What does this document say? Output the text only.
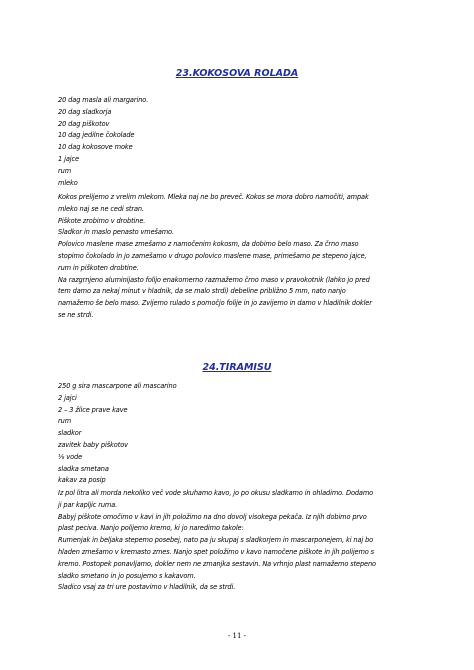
23.KOKOSOVA ROLADA
20 dag masla ali margarino.
20 dag sladkorja
20 dag piškotov
10 dag jedilne čokolade
10 dag kokosove moke
1 jajce
rum
mleko

Kokos prelijemo z vrelim mlekom. Mleka naj ne bo preveč. Kokos se mora dobro namočiti, ampak

mleko naj se ne cedi stran.

Piškote zrobimo v drobtine.

Sladkor in maslo penasto vmešamo.

Polovico maslene mase zmešamo z namočenim kokosm, da dobimo belo maso. Za črno maso

stopimo čokolado in jo zamešamo v drugo polovico maslene mase, primešamo pe stepeno jajce,

rum in piškoten drobtine.

Na razgrnjeno aluminijasto folijo enakomerno razmažemo črno maso v pravokotnik (lahko jo pred

tem damo za nekaj minut v hladnik, da se malo strdi) debeline približno 5 mm, nato nanjo

namažemo še belo maso. Zvijemo rulado s pomočjo folije in jo zavijemo in damo v hladilnik dokler

se ne strdi.

24.TIRAMISU
250 g sira mascarpone ali mascarino
2 jajci
2 – 3 žlice prave kave
rum
sladkor
zavitek baby piškotov
⅛ vode
sladka smetana
kakav za posip

Iz pol litra ali morda nekoliko več vode skuhamo kavo, jo po okusu sladkamo in ohladimo. Dodamo

ji par kapljic ruma.

Babyj piškote omočimo v kavi in jih položimo na dno dovolj visokega pekača. Iz njih dobimo prvo

plast peciva. Nanjo polijemo kremo, ki jo naredimo takole:

Rumenjak in beljaka stepemo posebej, nato pa ju skupaj s sladkorjem in mascarponejem, ki naj bo

hladen zmešamo v kremasto zmes. Nanjo spet položimo v kavo namočene piškote in jih polijemo s

kremo. Postopek ponavljamo, dokler nem ne zmanjka sestavin. Na vrhnjo plast namažemo stepeno

sladko smetano in jo posujemo s kakavom.

Sladico vsaj za tri ure postavimo v hladilnik, da se strdi.

- 11 -
